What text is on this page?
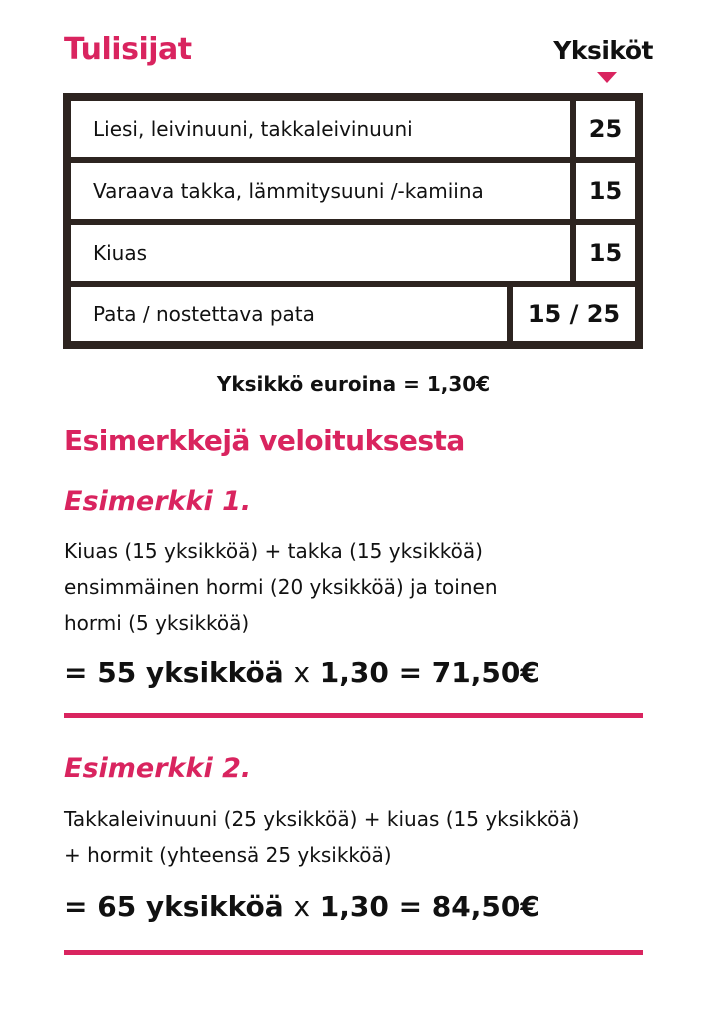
Tulisijat	Yksiköt
Liesi, leivinuuni, takkaleivinuuni	25
Varaava takka, lämmitysuuni /-kamiina	15
Kiuas	15
Pata / nostettava pata	15 / 25
Yksikkö euroina = 1,30€
Esimerkkejä veloituksesta
Esimerkki 1.
Kiuas (15 yksikköä) + takka (15 yksikköä)
ensimmäinen hormi (20 yksikköä) ja toinen
hormi (5 yksikköä)
= 55 yksikköä x 1,30 = 71,50€
Esimerkki 2.
Takkaleivinuuni (25 yksikköä) + kiuas (15 yksikköä)
+ hormit (yhteensä 25 yksikköä)
= 65 yksikköä x 1,30 = 84,50€
